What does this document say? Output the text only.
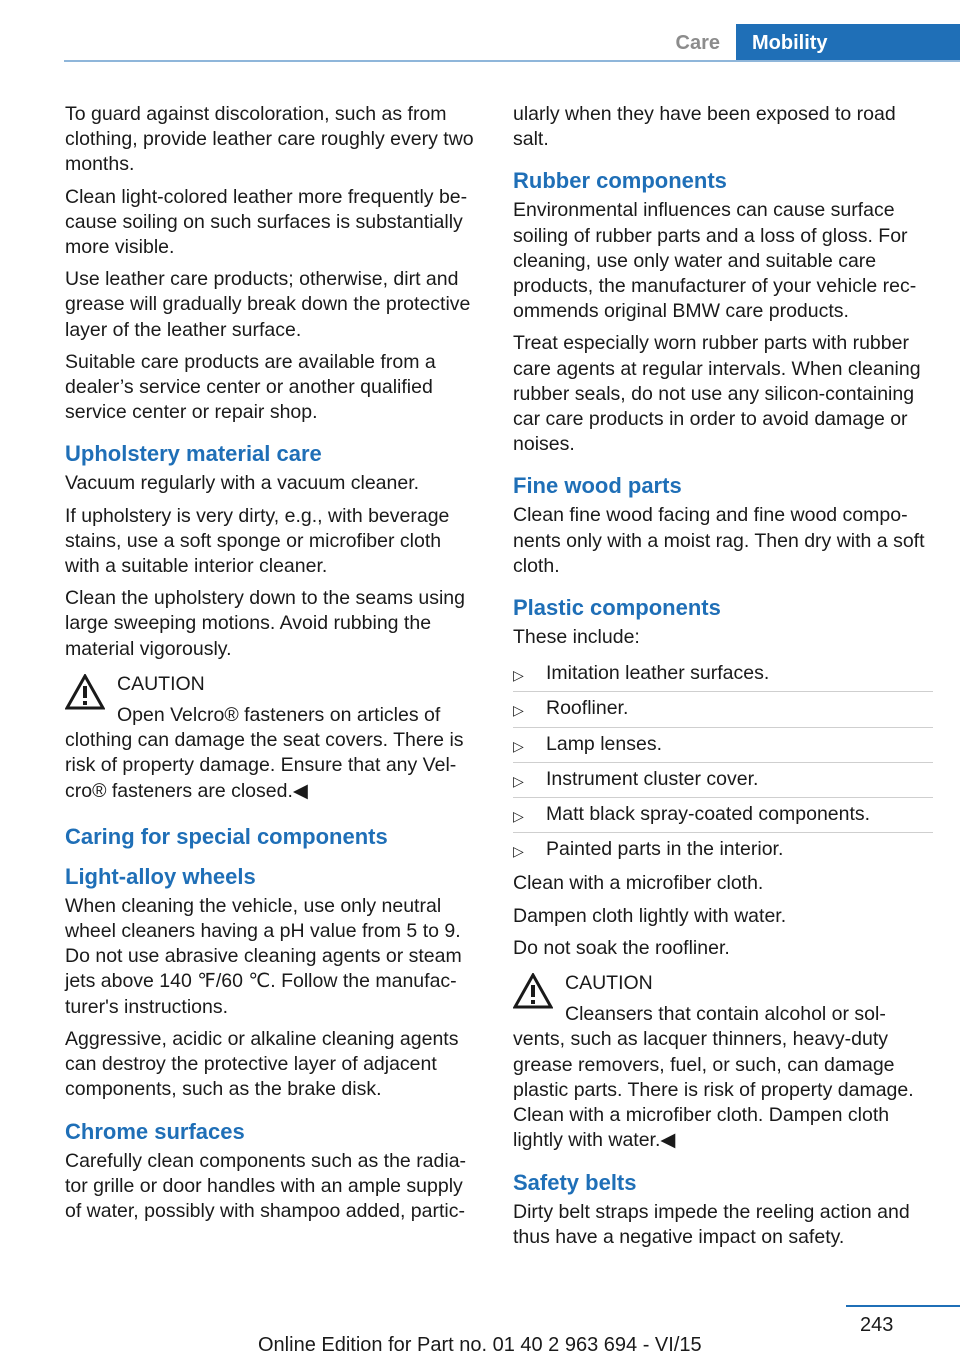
Care	Mobility

To guard against discoloration, such as from clothing, provide leather care roughly every two months.

Clean light-colored leather more frequently be-cause soiling on such surfaces is substantially more visible.

Use leather care products; otherwise, dirt and grease will gradually break down the protective layer of the leather surface.

Suitable care products are available from a dealer’s service center or another qualified service center or repair shop.

Upholstery material care

Vacuum regularly with a vacuum cleaner.

If upholstery is very dirty, e.g., with beverage stains, use a soft sponge or microfiber cloth with a suitable interior cleaner.

Clean the upholstery down to the seams using large sweeping motions. Avoid rubbing the material vigorously.

CAUTION
Open Velcro® fasteners on articles of clothing can damage the seat covers. There is risk of property damage. Ensure that any Vel-cro® fasteners are closed.◀
Caring for special components
Light-alloy wheels

When cleaning the vehicle, use only neutral wheel cleaners having a pH value from 5 to 9. Do not use abrasive cleaning agents or steam jets above 140 ℉/60 ℃. Follow the manufac-turer's instructions.

Aggressive, acidic or alkaline cleaning agents can destroy the protective layer of adjacent components, such as the brake disk.

Chrome surfaces

Carefully clean components such as the radia-tor grille or door handles with an ample supply of water, possibly with shampoo added, partic-

ularly when they have been exposed to road salt.

Rubber components

Environmental influences can cause surface soiling of rubber parts and a loss of gloss. For cleaning, use only water and suitable care products, the manufacturer of your vehicle rec-ommends original BMW care products.

Treat especially worn rubber parts with rubber care agents at regular intervals. When cleaning rubber seals, do not use any silicon-containing car care products in order to avoid damage or noises.

Fine wood parts

Clean fine wood facing and fine wood compo-nents only with a moist rag. Then dry with a soft cloth.

Plastic components

These include:

▷	Imitation leather surfaces.
▷	Roofliner.
▷	Lamp lenses.
▷	Instrument cluster cover.
▷	Matt black spray-coated components.
▷	Painted parts in the interior.

Clean with a microfiber cloth.

Dampen cloth lightly with water.

Do not soak the roofliner.

CAUTION
Cleansers that contain alcohol or sol-vents, such as lacquer thinners, heavy-duty grease removers, fuel, or such, can damage plastic parts. There is risk of property damage. Clean with a microfiber cloth. Dampen cloth lightly with water.◀
Safety belts

Dirty belt straps impede the reeling action and thus have a negative impact on safety.

243
Online Edition for Part no. 01 40 2 963 694 - VI/15
